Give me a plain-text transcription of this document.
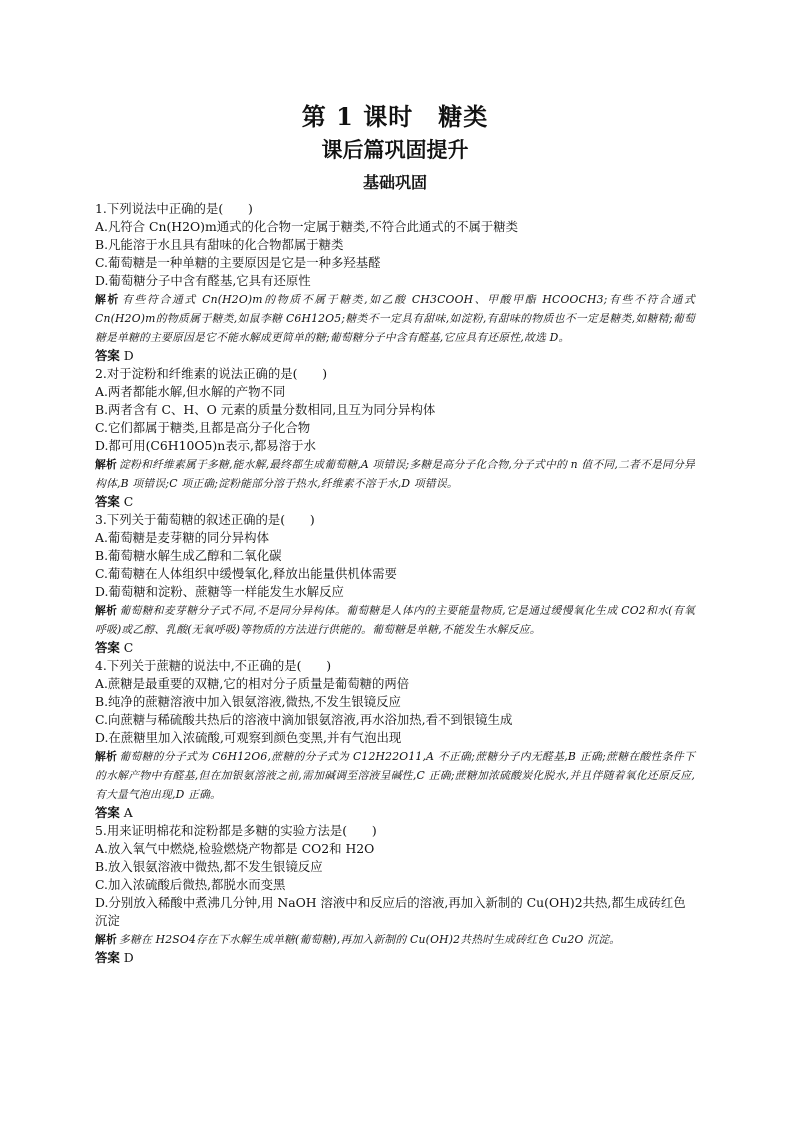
第 1 课时　糖类
课后篇巩固提升
基础巩固

1.下列说法中正确的是(　　)

A.凡符合 Cn(H2O)m通式的化合物一定属于糖类,不符合此通式的不属于糖类

B.凡能溶于水且具有甜味的化合物都属于糖类

C.葡萄糖是一种单糖的主要原因是它是一种多羟基醛

D.葡萄糖分子中含有醛基,它具有还原性

解析 有些符合通式 Cn(H2O)m的物质不属于糖类,如乙酸 CH3COOH、甲酸甲酯 HCOOCH3;有些不符合通式 Cn(H2O)m的物质属于糖类,如鼠李糖 C6H12O5;糖类不一定具有甜味,如淀粉,有甜味的物质也不一定是糖类,如糖精;葡萄糖是单糖的主要原因是它不能水解成更简单的糖;葡萄糖分子中含有醛基,它应具有还原性,故选 D。

答案 D

2.对于淀粉和纤维素的说法正确的是(　　)

A.两者都能水解,但水解的产物不同

B.两者含有 C、H、O 元素的质量分数相同,且互为同分异构体

C.它们都属于糖类,且都是高分子化合物

D.都可用(C6H10O5)n表示,都易溶于水

解析 淀粉和纤维素属于多糖,能水解,最终都生成葡萄糖,A 项错误;多糖是高分子化合物,分子式中的 n 值不同,二者不是同分异构体,B 项错误;C 项正确;淀粉能部分溶于热水,纤维素不溶于水,D 项错误。

答案 C

3.下列关于葡萄糖的叙述正确的是(　　)

A.葡萄糖是麦芽糖的同分异构体

B.葡萄糖水解生成乙醇和二氧化碳

C.葡萄糖在人体组织中缓慢氧化,释放出能量供机体需要

D.葡萄糖和淀粉、蔗糖等一样能发生水解反应

解析 葡萄糖和麦芽糖分子式不同,不是同分异构体。葡萄糖是人体内的主要能量物质,它是通过缓慢氧化生成 CO2和水(有氧呼吸)或乙醇、乳酸(无氧呼吸)等物质的方法进行供能的。葡萄糖是单糖,不能发生水解反应。

答案 C

4.下列关于蔗糖的说法中,不正确的是(　　)

A.蔗糖是最重要的双糖,它的相对分子质量是葡萄糖的两倍

B.纯净的蔗糖溶液中加入银氨溶液,微热,不发生银镜反应

C.向蔗糖与稀硫酸共热后的溶液中滴加银氨溶液,再水浴加热,看不到银镜生成

D.在蔗糖里加入浓硫酸,可观察到颜色变黑,并有气泡出现

解析 葡萄糖的分子式为 C6H12O6,蔗糖的分子式为 C12H22O11,A 不正确;蔗糖分子内无醛基,B 正确;蔗糖在酸性条件下的水解产物中有醛基,但在加银氨溶液之前,需加碱调至溶液呈碱性,C 正确;蔗糖加浓硫酸炭化脱水,并且伴随着氧化还原反应,有大量气泡出现,D 正确。

答案 A

5.用来证明棉花和淀粉都是多糖的实验方法是(　　)

A.放入氧气中燃烧,检验燃烧产物都是 CO2和 H2O

B.放入银氨溶液中微热,都不发生银镜反应

C.加入浓硫酸后微热,都脱水而变黑

D.分别放入稀酸中煮沸几分钟,用 NaOH 溶液中和反应后的溶液,再加入新制的 Cu(OH)2共热,都生成砖红色沉淀

解析 多糖在 H2SO4存在下水解生成单糖(葡萄糖),再加入新制的 Cu(OH)2共热时生成砖红色 Cu2O 沉淀。

答案 D
